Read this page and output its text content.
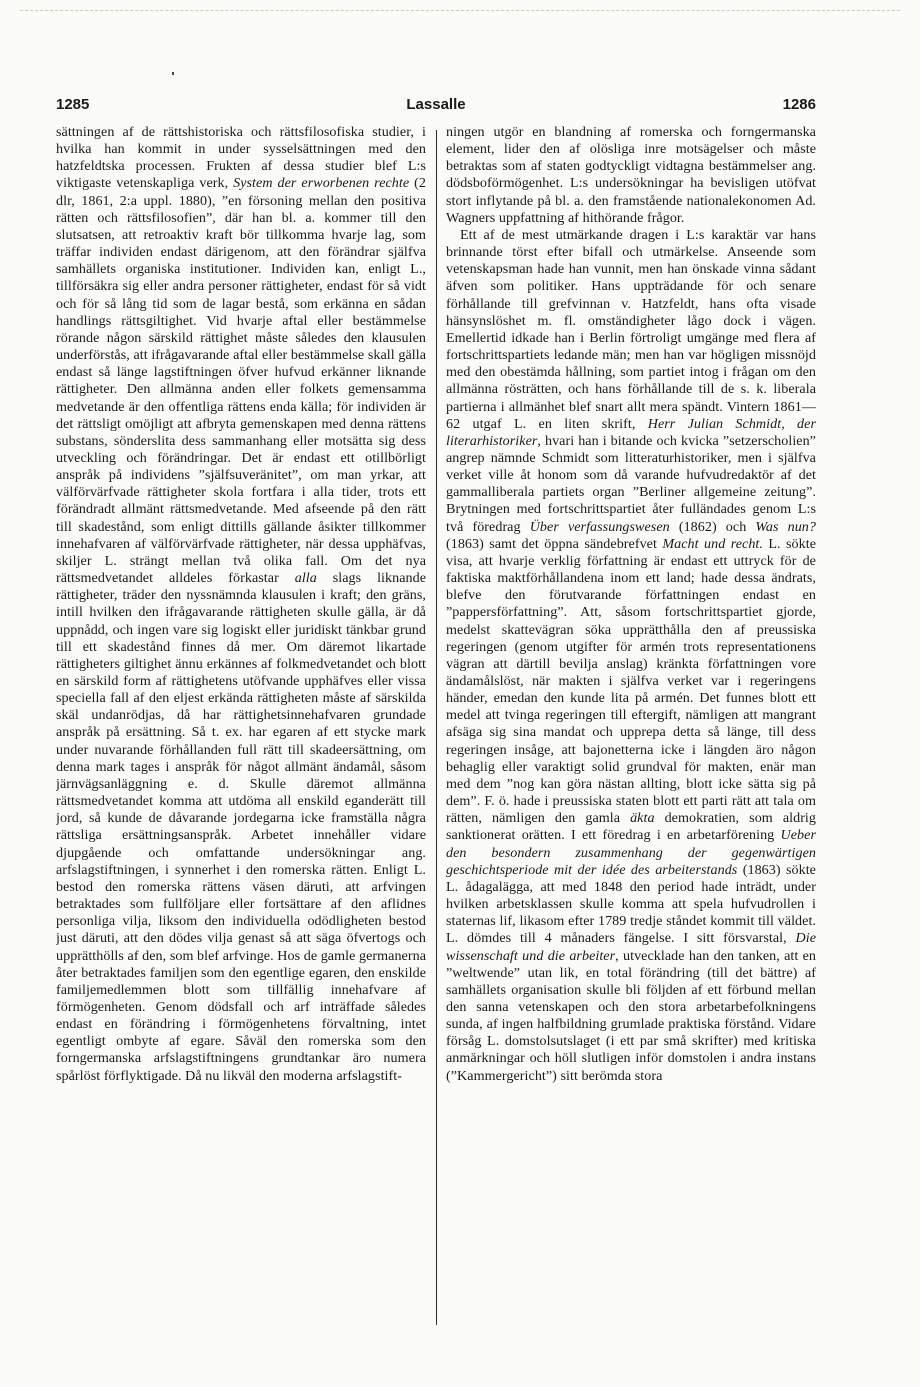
1285	Lassalle	1286

sättningen af de rättshistoriska och rättsfilosofiska studier, i hvilka han kommit in under sysselsättningen med den hatzfeldtska processen. Frukten af dessa studier blef L:s viktigaste vetenskapliga verk, System der erworbenen rechte (2 dlr, 1861, 2:a uppl. 1880), ”en försoning mellan den positiva rätten och rättsfilosofien”, där han bl. a. kommer till den slutsatsen, att retroaktiv kraft bör tillkomma hvarje lag, som träffar individen endast därigenom, att den förändrar själfva samhällets organiska institutioner. Individen kan, enligt L., tillförsäkra sig eller andra personer rättigheter, endast för så vidt och för så lång tid som de lagar bestå, som erkänna en sådan handlings rättsgiltighet. Vid hvarje aftal eller bestämmelse rörande någon särskild rättighet måste således den klausulen underförstås, att ifrågavarande aftal eller bestämmelse skall gälla endast så länge lagstiftningen öfver hufvud erkänner liknande rättigheter. Den allmänna anden eller folkets gemensamma medvetande är den offentliga rättens enda källa; för individen är det rättsligt omöjligt att afbryta gemenskapen med denna rättens substans, sönderslita dess sammanhang eller motsätta sig dess utveckling och förändringar. Det är endast ett otillbörligt anspråk på individens ”själfsuveränitet”, om man yrkar, att välförvärfvade rättigheter skola fortfara i alla tider, trots ett förändradt allmänt rättsmedvetande. Med afseende på den rätt till skadestånd, som enligt dittills gällande åsikter tillkommer innehafvaren af välförvärfvade rättigheter, när dessa upphäfvas, skiljer L. strängt mellan två olika fall. Om det nya rättsmedvetandet alldeles förkastar alla slags liknande rättigheter, träder den nyssnämnda klausulen i kraft; den gräns, intill hvilken den ifrågavarande rättigheten skulle gälla, är då uppnådd, och ingen vare sig logiskt eller juridiskt tänkbar grund till ett skadestånd finnes då mer. Om däremot likartade rättigheters giltighet ännu erkännes af folkmedvetandet och blott en särskild form af rättighetens utöfvande upphäfves eller vissa speciella fall af den eljest erkända rättigheten måste af särskilda skäl undanrödjas, då har rättighetsinnehafvaren grundade anspråk på ersättning. Så t. ex. har egaren af ett stycke mark under nuvarande förhållanden full rätt till skadeersättning, om denna mark tages i anspråk för något allmänt ändamål, såsom järnvägsanläggning e. d. Skulle däremot allmänna rättsmedvetandet komma att utdöma all enskild eganderätt till jord, så kunde de dåvarande jordegarna icke framställa några rättsliga ersättningsanspråk. Arbetet innehåller vidare djupgående och omfattande undersökningar ang. arfslagstiftningen, i synnerhet i den romerska rätten. Enligt L. bestod den romerska rättens väsen däruti, att arfvingen betraktades som fullföljare eller fortsättare af den aflidnes personliga vilja, liksom den individuella odödligheten bestod just däruti, att den dödes vilja genast så att säga öfvertogs och upprätthölls af den, som blef arfvinge. Hos de gamle germanerna åter betraktades familjen som den egentlige egaren, den enskilde familjemedlemmen blott som tillfällig innehafvare af förmögenheten. Genom dödsfall och arf inträffade således endast en förändring i förmögenhetens förvaltning, intet egentligt ombyte af egare. Såväl den romerska som den forngermanska arfslagstiftningens grundtankar äro numera spårlöst förflyktigade. Då nu likväl den moderna arfslagstift-

ningen utgör en blandning af romerska och forngermanska element, lider den af olösliga inre motsägelser och måste betraktas som af staten godtyckligt vidtagna bestämmelser ang. dödsboförmögenhet. L:s undersökningar ha bevisligen utöfvat stort inflytande på bl. a. den framstående nationalekonomen Ad. Wagners uppfattning af hithörande frågor.

Ett af de mest utmärkande dragen i L:s karaktär var hans brinnande törst efter bifall och utmärkelse. Anseende som vetenskapsman hade han vunnit, men han önskade vinna sådant äfven som politiker. Hans uppträdande för och senare förhållande till grefvinnan v. Hatzfeldt, hans ofta visade hänsynslöshet m. fl. omständigheter lågo dock i vägen. Emellertid idkade han i Berlin förtroligt umgänge med flera af fortschrittspartiets ledande män; men han var högligen missnöjd med den obestämda hållning, som partiet intog i frågan om den allmänna rösträtten, och hans förhållande till de s. k. liberala partierna i allmänhet blef snart allt mera spändt. Vintern 1861—62 utgaf L. en liten skrift, Herr Julian Schmidt, der literarhistoriker, hvari han i bitande och kvicka ”setzerscholien” angrep nämnde Schmidt som litteraturhistoriker, men i själfva verket ville åt honom som då varande hufvudredaktör af det gammalliberala partiets organ ”Berliner allgemeine zeitung”. Brytningen med fortschrittspartiet åter fulländades genom L:s två föredrag Über verfassungswesen (1862) och Was nun? (1863) samt det öppna sändebrefvet Macht und recht. L. sökte visa, att hvarje verklig författning är endast ett uttryck för de faktiska maktförhållandena inom ett land; hade dessa ändrats, blefve den förutvarande författningen endast en ”pappersförfattning”. Att, såsom fortschrittspartiet gjorde, medelst skattevägran söka upprätthålla den af preussiska regeringen (genom utgifter för armén trots representationens vägran att därtill bevilja anslag) kränkta författningen vore ändamålslöst, när makten i själfva verket var i regeringens händer, emedan den kunde lita på armén. Det funnes blott ett medel att tvinga regeringen till eftergift, nämligen att mangrant afsäga sig sina mandat och upprepa detta så länge, till dess regeringen insåge, att bajonetterna icke i längden äro någon behaglig eller varaktigt solid grundval för makten, enär man med dem ”nog kan göra nästan allting, blott icke sätta sig på dem”. F. ö. hade i preussiska staten blott ett parti rätt att tala om rätten, nämligen den gamla äkta demokratien, som aldrig sanktionerat orätten. I ett föredrag i en arbetarförening Ueber den besondern zusammenhang der gegenwärtigen geschichtsperiode mit der idée des arbeiterstands (1863) sökte L. ådagalägga, att med 1848 den period hade inträdt, under hvilken arbetsklassen skulle komma att spela hufvudrollen i staternas lif, likasom efter 1789 tredje ståndet kommit till väldet. L. dömdes till 4 månaders fängelse. I sitt försvarstal, Die wissenschaft und die arbeiter, utvecklade han den tanken, att en ”weltwende” utan lik, en total förändring (till det bättre) af samhällets organisation skulle bli följden af ett förbund mellan den sanna vetenskapen och den stora arbetarbefolkningens sunda, af ingen halfbildning grumlade praktiska förstånd. Vidare försåg L. domstolsutslaget (i ett par små skrifter) med kritiska anmärkningar och höll slutligen inför domstolen i andra instans (”Kammergericht”) sitt berömda stora
